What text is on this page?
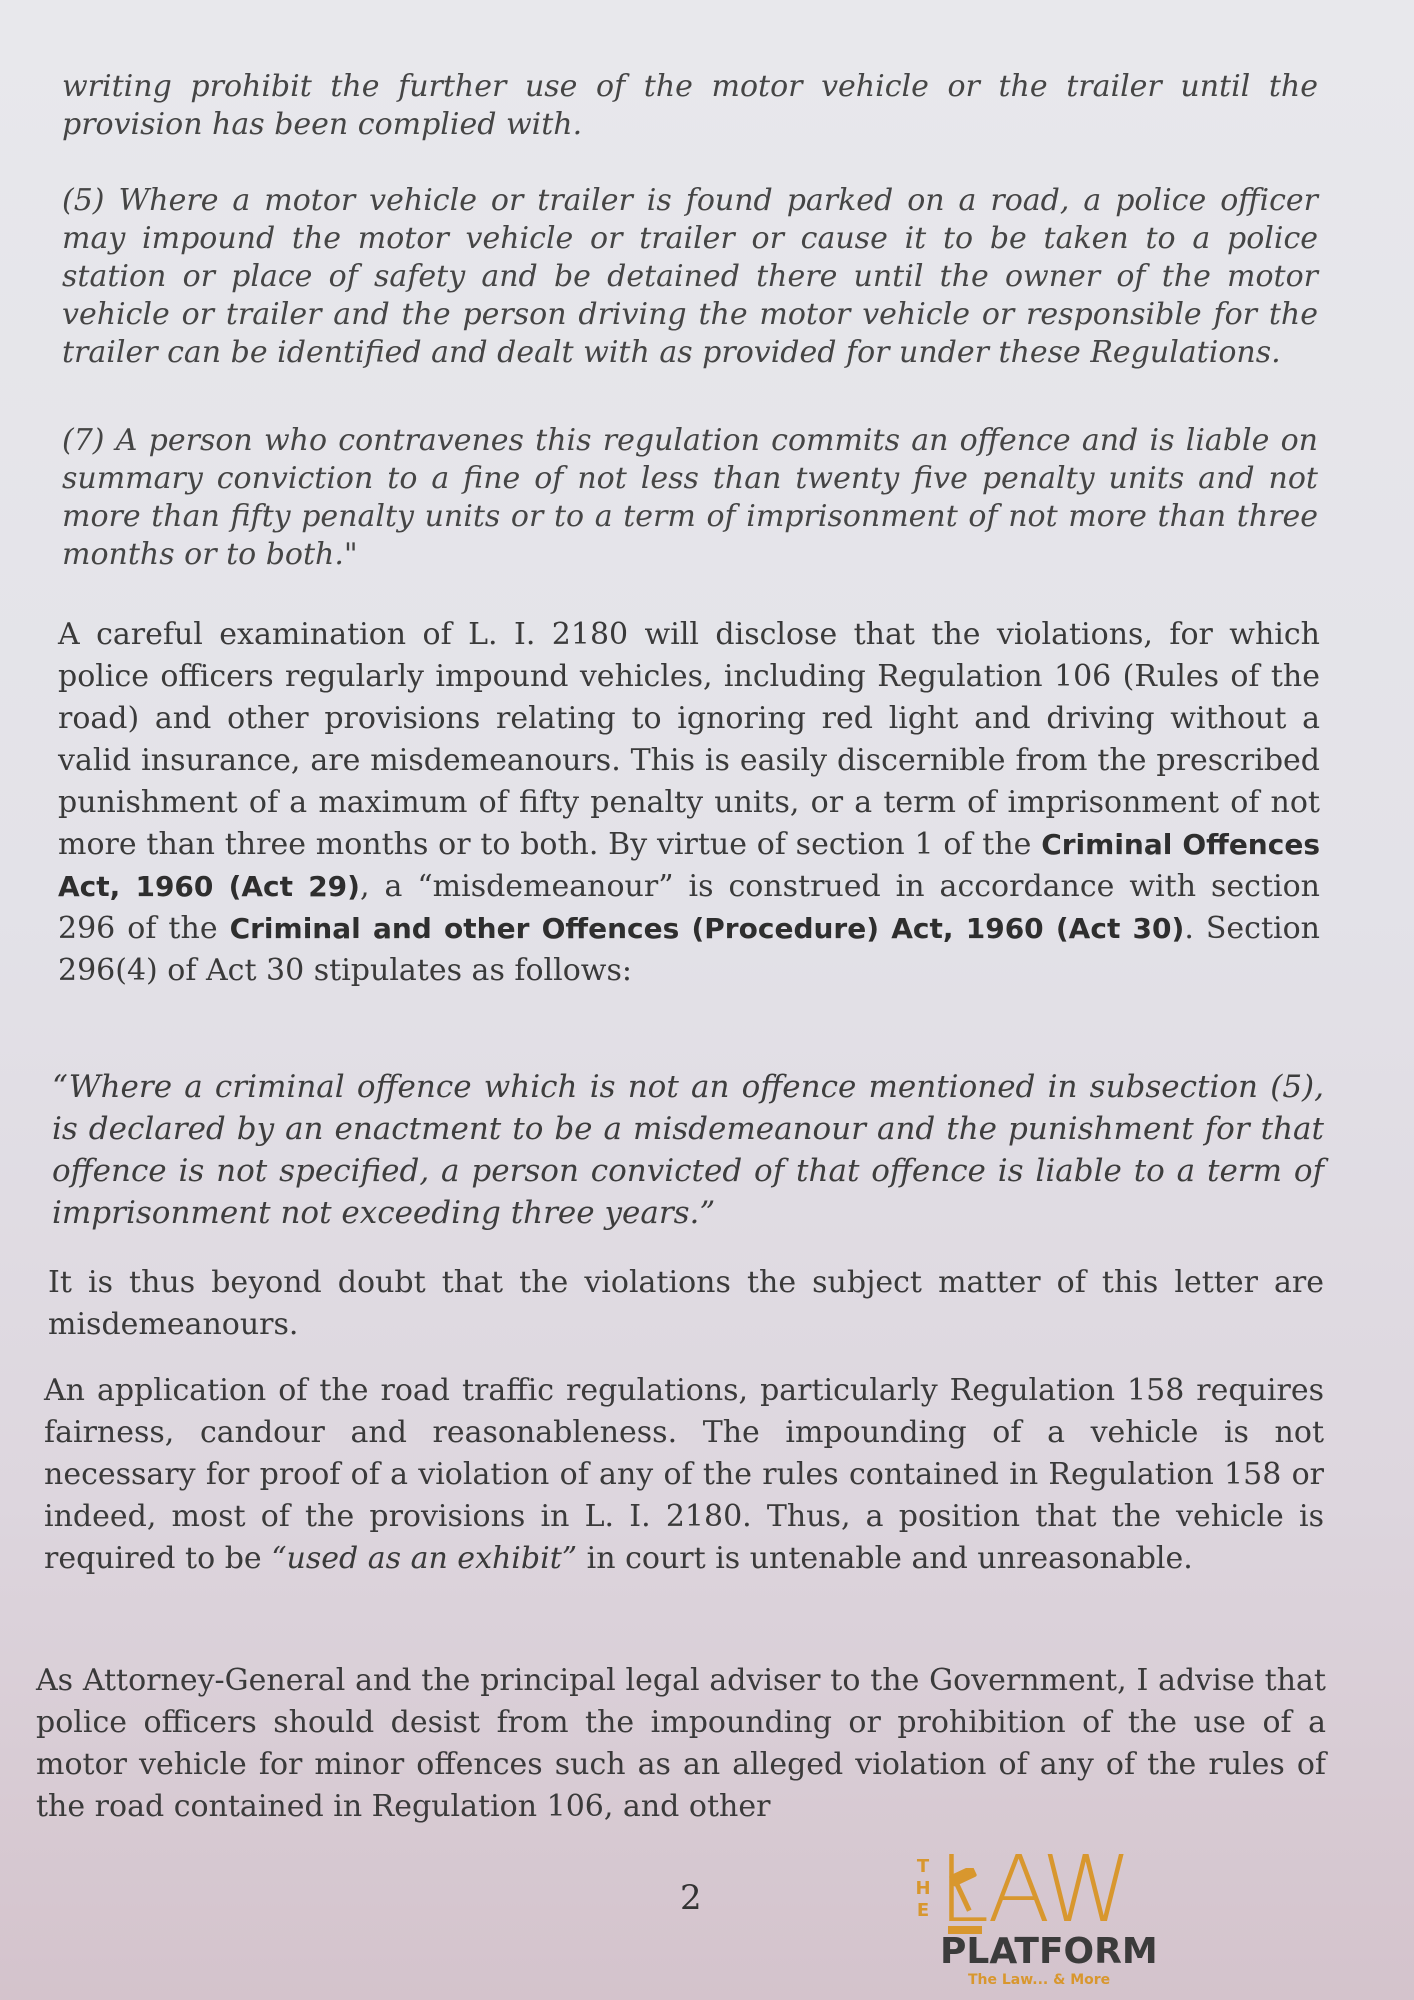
writing prohibit the further use of the motor vehicle or the trailer until the provision has been complied with.

(5) Where a motor vehicle or trailer is found parked on a road, a police officer may impound the motor vehicle or trailer or cause it to be taken to a police station or place of safety and be detained there until the owner of the motor vehicle or trailer and the person driving the motor vehicle or responsible for the trailer can be identified and dealt with as provided for under these Regulations.

(7) A person who contravenes this regulation commits an offence and is liable on summary conviction to a fine of not less than twenty five penalty units and not more than fifty penalty units or to a term of imprisonment of not more than three months or to both."

A careful examination of L. I. 2180 will disclose that the violations, for which police officers regularly impound vehicles, including Regulation 106 (Rules of the road) and other provisions relating to ignoring red light and driving without a valid insurance, are misdemeanours. This is easily discernible from the prescribed punishment of a maximum of fifty penalty units, or a term of imprisonment of not more than three months or to both. By virtue of section 1 of the Criminal Offences Act, 1960 (Act 29), a “misdemeanour” is construed in accordance with section 296 of the Criminal and other Offences (Procedure) Act, 1960 (Act 30). Section 296(4) of Act 30 stipulates as follows:

“Where a criminal offence which is not an offence mentioned in subsection (5), is declared by an enactment to be a misdemeanour and the punishment for that offence is not specified, a person convicted of that offence is liable to a term of imprisonment not exceeding three years.”

It is thus beyond doubt that the violations the subject matter of this letter are misdemeanours.

An application of the road traffic regulations, particularly Regulation 158 requires fairness, candour and reasonableness. The impounding of a vehicle is not necessary for proof of a violation of any of the rules contained in Regulation 158 or indeed, most of the provisions in L. I. 2180. Thus, a position that the vehicle is required to be “used as an exhibit” in court is untenable and unreasonable.

As Attorney-General and the principal legal adviser to the Government, I advise that police officers should desist from the impounding or prohibition of the use of a motor vehicle for minor offences such as an alleged violation of any of the rules of the road contained in Regulation 106, and other

2
T
H
E LAW
PLATFORM
The Law... & More
